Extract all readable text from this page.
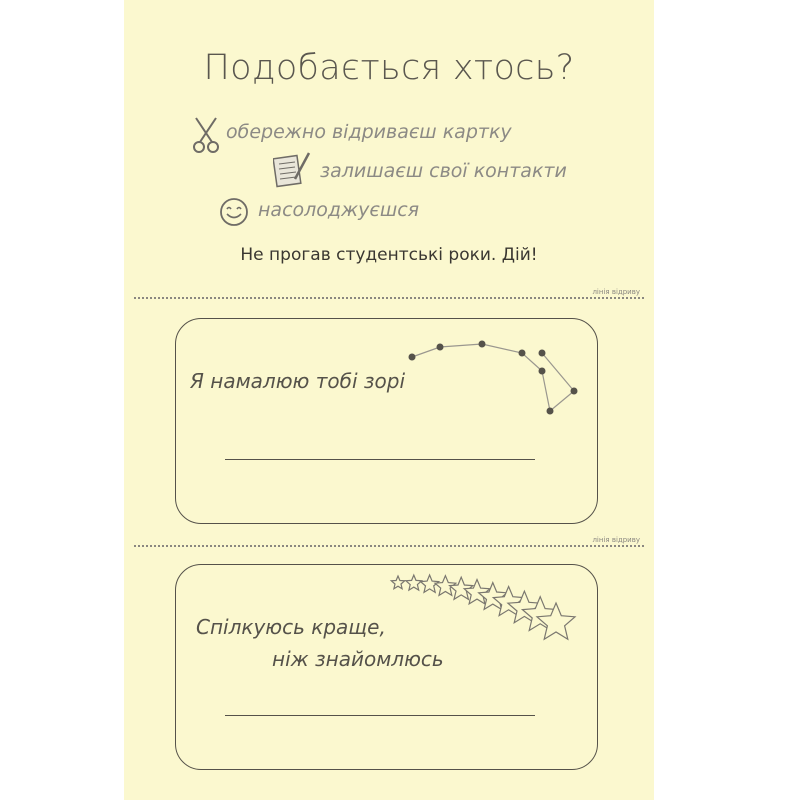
Подобається хтось?
обережно відриваєш картку
залишаєш свої контакти
насолоджуєшся
Не прогав студентські роки. Дій!
лінія відриву
Я намалюю тобі зорі
лінія відриву
Спілкуюсь краще,
ніж знайомлюсь
